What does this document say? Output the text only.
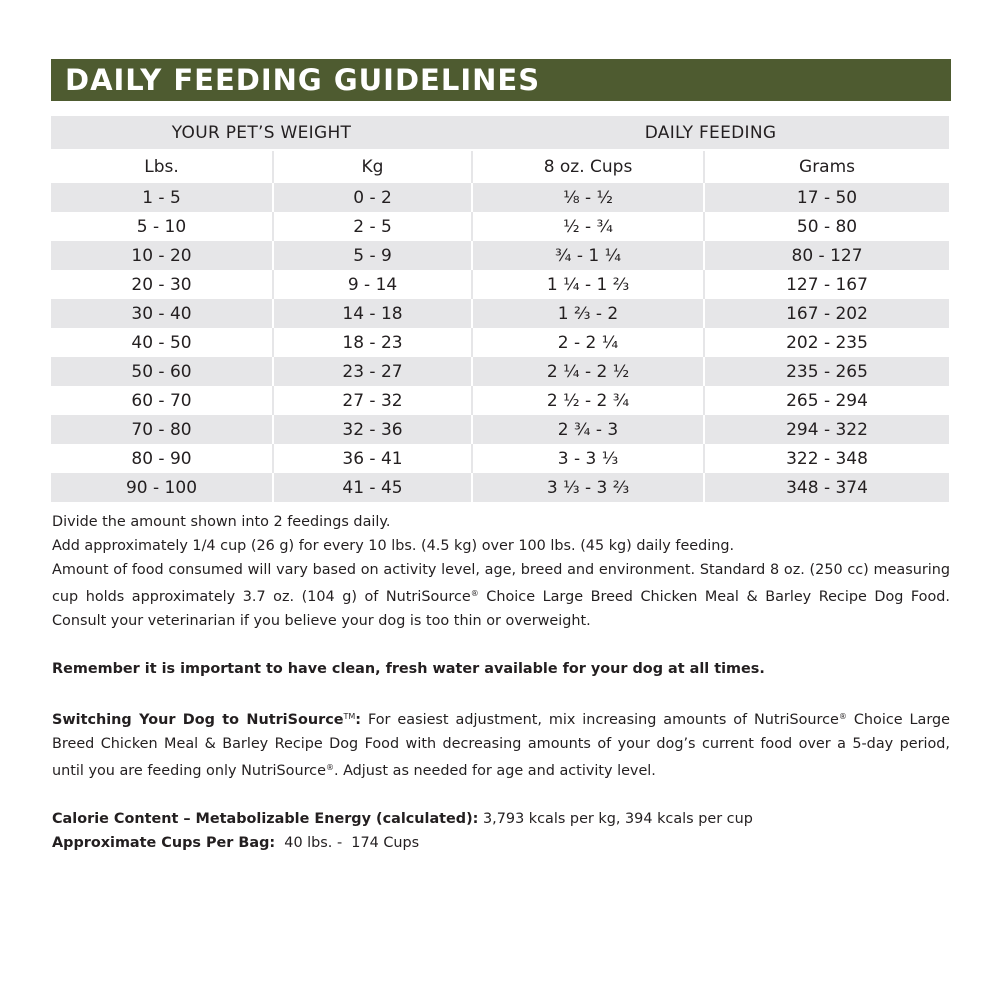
DAILY FEEDING GUIDELINES
YOUR PET’S WEIGHT		DAILY FEEDING	
Lbs.	Kg	8 oz. Cups	Grams
1 - 5	0 - 2	⅛ - ½	17 - 50
5 - 10	2 - 5	½ - ¾	50 - 80
10 - 20	5 - 9	¾ - 1 ¼	80 - 127
20 - 30	9 - 14	1 ¼ - 1 ⅔	127 - 167
30 - 40	14 - 18	1 ⅔ - 2	167 - 202
40 - 50	18 - 23	2 - 2 ¼	202 - 235
50 - 60	23 - 27	2 ¼ - 2 ½	235 - 265
60 - 70	27 - 32	2 ½ - 2 ¾	265 - 294
70 - 80	32 - 36	2 ¾ - 3	294 - 322
80 - 90	36 - 41	3 - 3 ⅓	322 - 348
90 - 100	41 - 45	3 ⅓ - 3 ⅔	348 - 374

Divide the amount shown into 2 feedings daily.

Add approximately 1/4 cup (26 g) for every 10 lbs. (4.5 kg) over 100 lbs. (45 kg) daily feeding.

Amount of food consumed will vary based on activity level, age, breed and environment. Standard 8 oz. (250 cc) measuring cup holds approximately 3.7 oz. (104 g) of NutriSource® Choice Large Breed Chicken Meal & Barley Recipe Dog Food. Consult your veterinarian if you believe your dog is too thin or overweight.

Remember it is important to have clean, fresh water available for your dog at all times.

Switching Your Dog to NutriSource™: For easiest adjustment, mix increasing amounts of NutriSource® Choice Large Breed Chicken Meal & Barley Recipe Dog Food with decreasing amounts of your dog’s current food over a 5-day period, until you are feeding only NutriSource®. Adjust as needed for age and activity level.

Calorie Content – Metabolizable Energy (calculated): 3,793 kcals per kg, 394 kcals per cup

Approximate Cups Per Bag:  40 lbs. -  174 Cups
